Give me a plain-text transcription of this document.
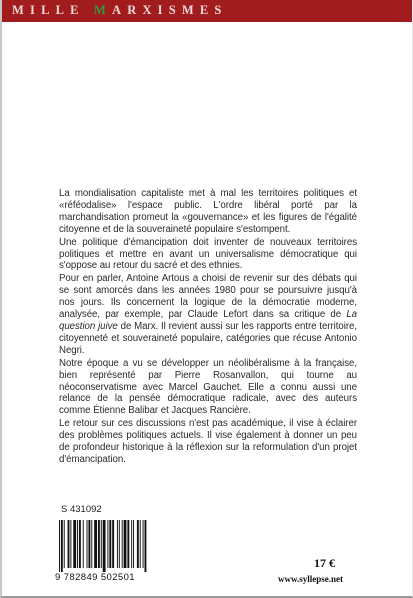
MILLE MARXISMES

La mondialisation capitaliste met à mal les territoires politiques et «réféodalise» l'espace public. L'ordre libéral porté par la marchandisation promeut la «gouvernance» et les figures de l'égalité citoyenne et de la souveraineté populaire s'estompent.

Une politique d'émancipation doit inventer de nouveaux territoires politiques et mettre en avant un universalisme démocratique qui s'oppose au retour du sacré et des ethnies.

Pour en parler, Antoine Artous a choisi de revenir sur des débats qui se sont amorcés dans les années 1980 pour se poursuivre jusqu'à nos jours. Ils concernent la logique de la démocratie moderne, analysée, par exemple, par Claude Lefort dans sa critique de La question juive de Marx. Il revient aussi sur les rapports entre territoire, citoyenneté et souveraineté populaire, catégories que récuse Antonio Negri.

Notre époque a vu se développer un néolibéralisme à la française, bien représenté par Pierre Rosanvallon, qui tourne au néoconservatisme avec Marcel Gauchet. Elle a connu aussi une relance de la pensée démocratique radicale, avec des auteurs comme Étienne Balibar et Jacques Rancière.

Le retour sur ces discussions n'est pas académique, il vise à éclairer des problèmes politiques actuels. Il vise également à donner un peu de profondeur historique à la réflexion sur la reformulation d'un projet d'émancipation.

S 431092
9 782849 502501
17 €
www.syllepse.net
